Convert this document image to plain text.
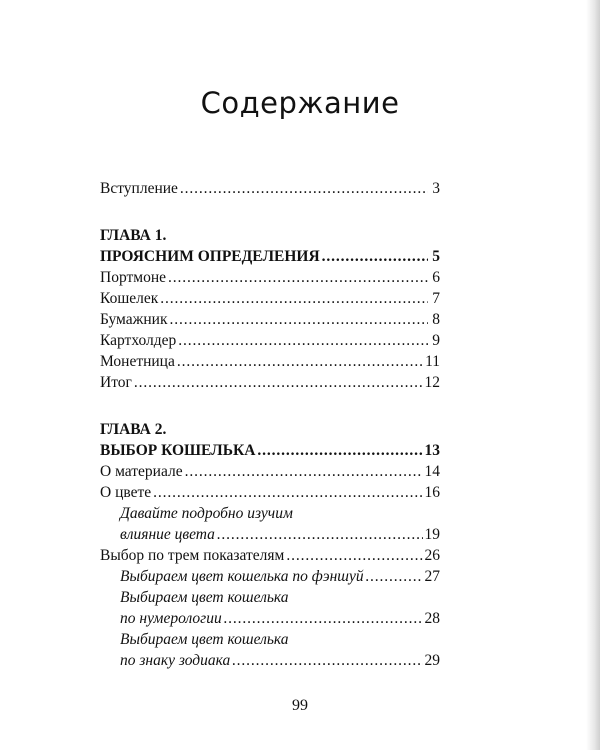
Содержание
Вступление . . .	3
ГЛАВА 1.
ПРОЯСНИМ ОПРЕДЕЛЕНИЯ . . .	5
Портмоне . . .	6
Кошелек . . .	7
Бумажник . . .	8
Картхолдер . . .	9
Монетница . . .	11
Итог . . .	12
ГЛАВА 2.
ВЫБОР КОШЕЛЬКА . . .	13
О материале . . .	14
О цвете . . .	16
Давайте подробно изучим
влияние цвета . . .	19
Выбор по трем показателям . . .	26
Выбираем цвет кошелька по фэншуй . . .	27
Выбираем цвет кошелька
по нумерологии . . .	28
Выбираем цвет кошелька
по знаку зодиака . . .	29
99
